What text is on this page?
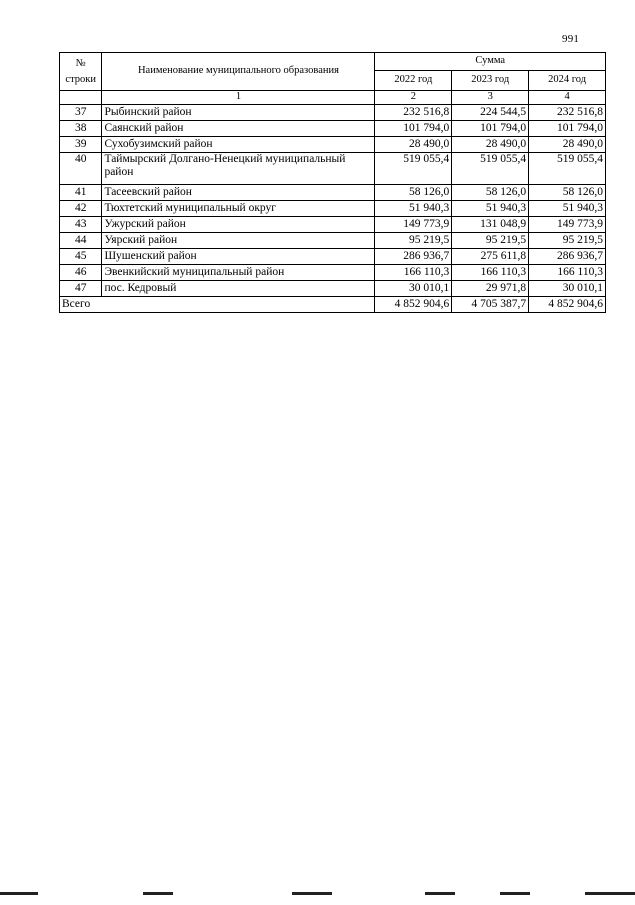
991
№
строки	Наименование муниципального образования	Сумма		
		2022 год	2023 год	2024 год
	1	2	3	4
37	Рыбинский район	232 516,8	224 544,5	232 516,8
38	Саянский район	101 794,0	101 794,0	101 794,0
39	Сухобузимский район	28 490,0	28 490,0	28 490,0
40	Таймырский Долгано-Ненецкий муниципальный район	519 055,4	519 055,4	519 055,4
41	Тасеевский район	58 126,0	58 126,0	58 126,0
42	Тюхтетский муниципальный округ	51 940,3	51 940,3	51 940,3
43	Ужурский район	149 773,9	131 048,9	149 773,9
44	Уярский район	95 219,5	95 219,5	95 219,5
45	Шушенский район	286 936,7	275 611,8	286 936,7
46	Эвенкийский муниципальный район	166 110,3	166 110,3	166 110,3
47	пос. Кедровый	30 010,1	29 971,8	30 010,1
Всего		4 852 904,6	4 705 387,7	4 852 904,6
